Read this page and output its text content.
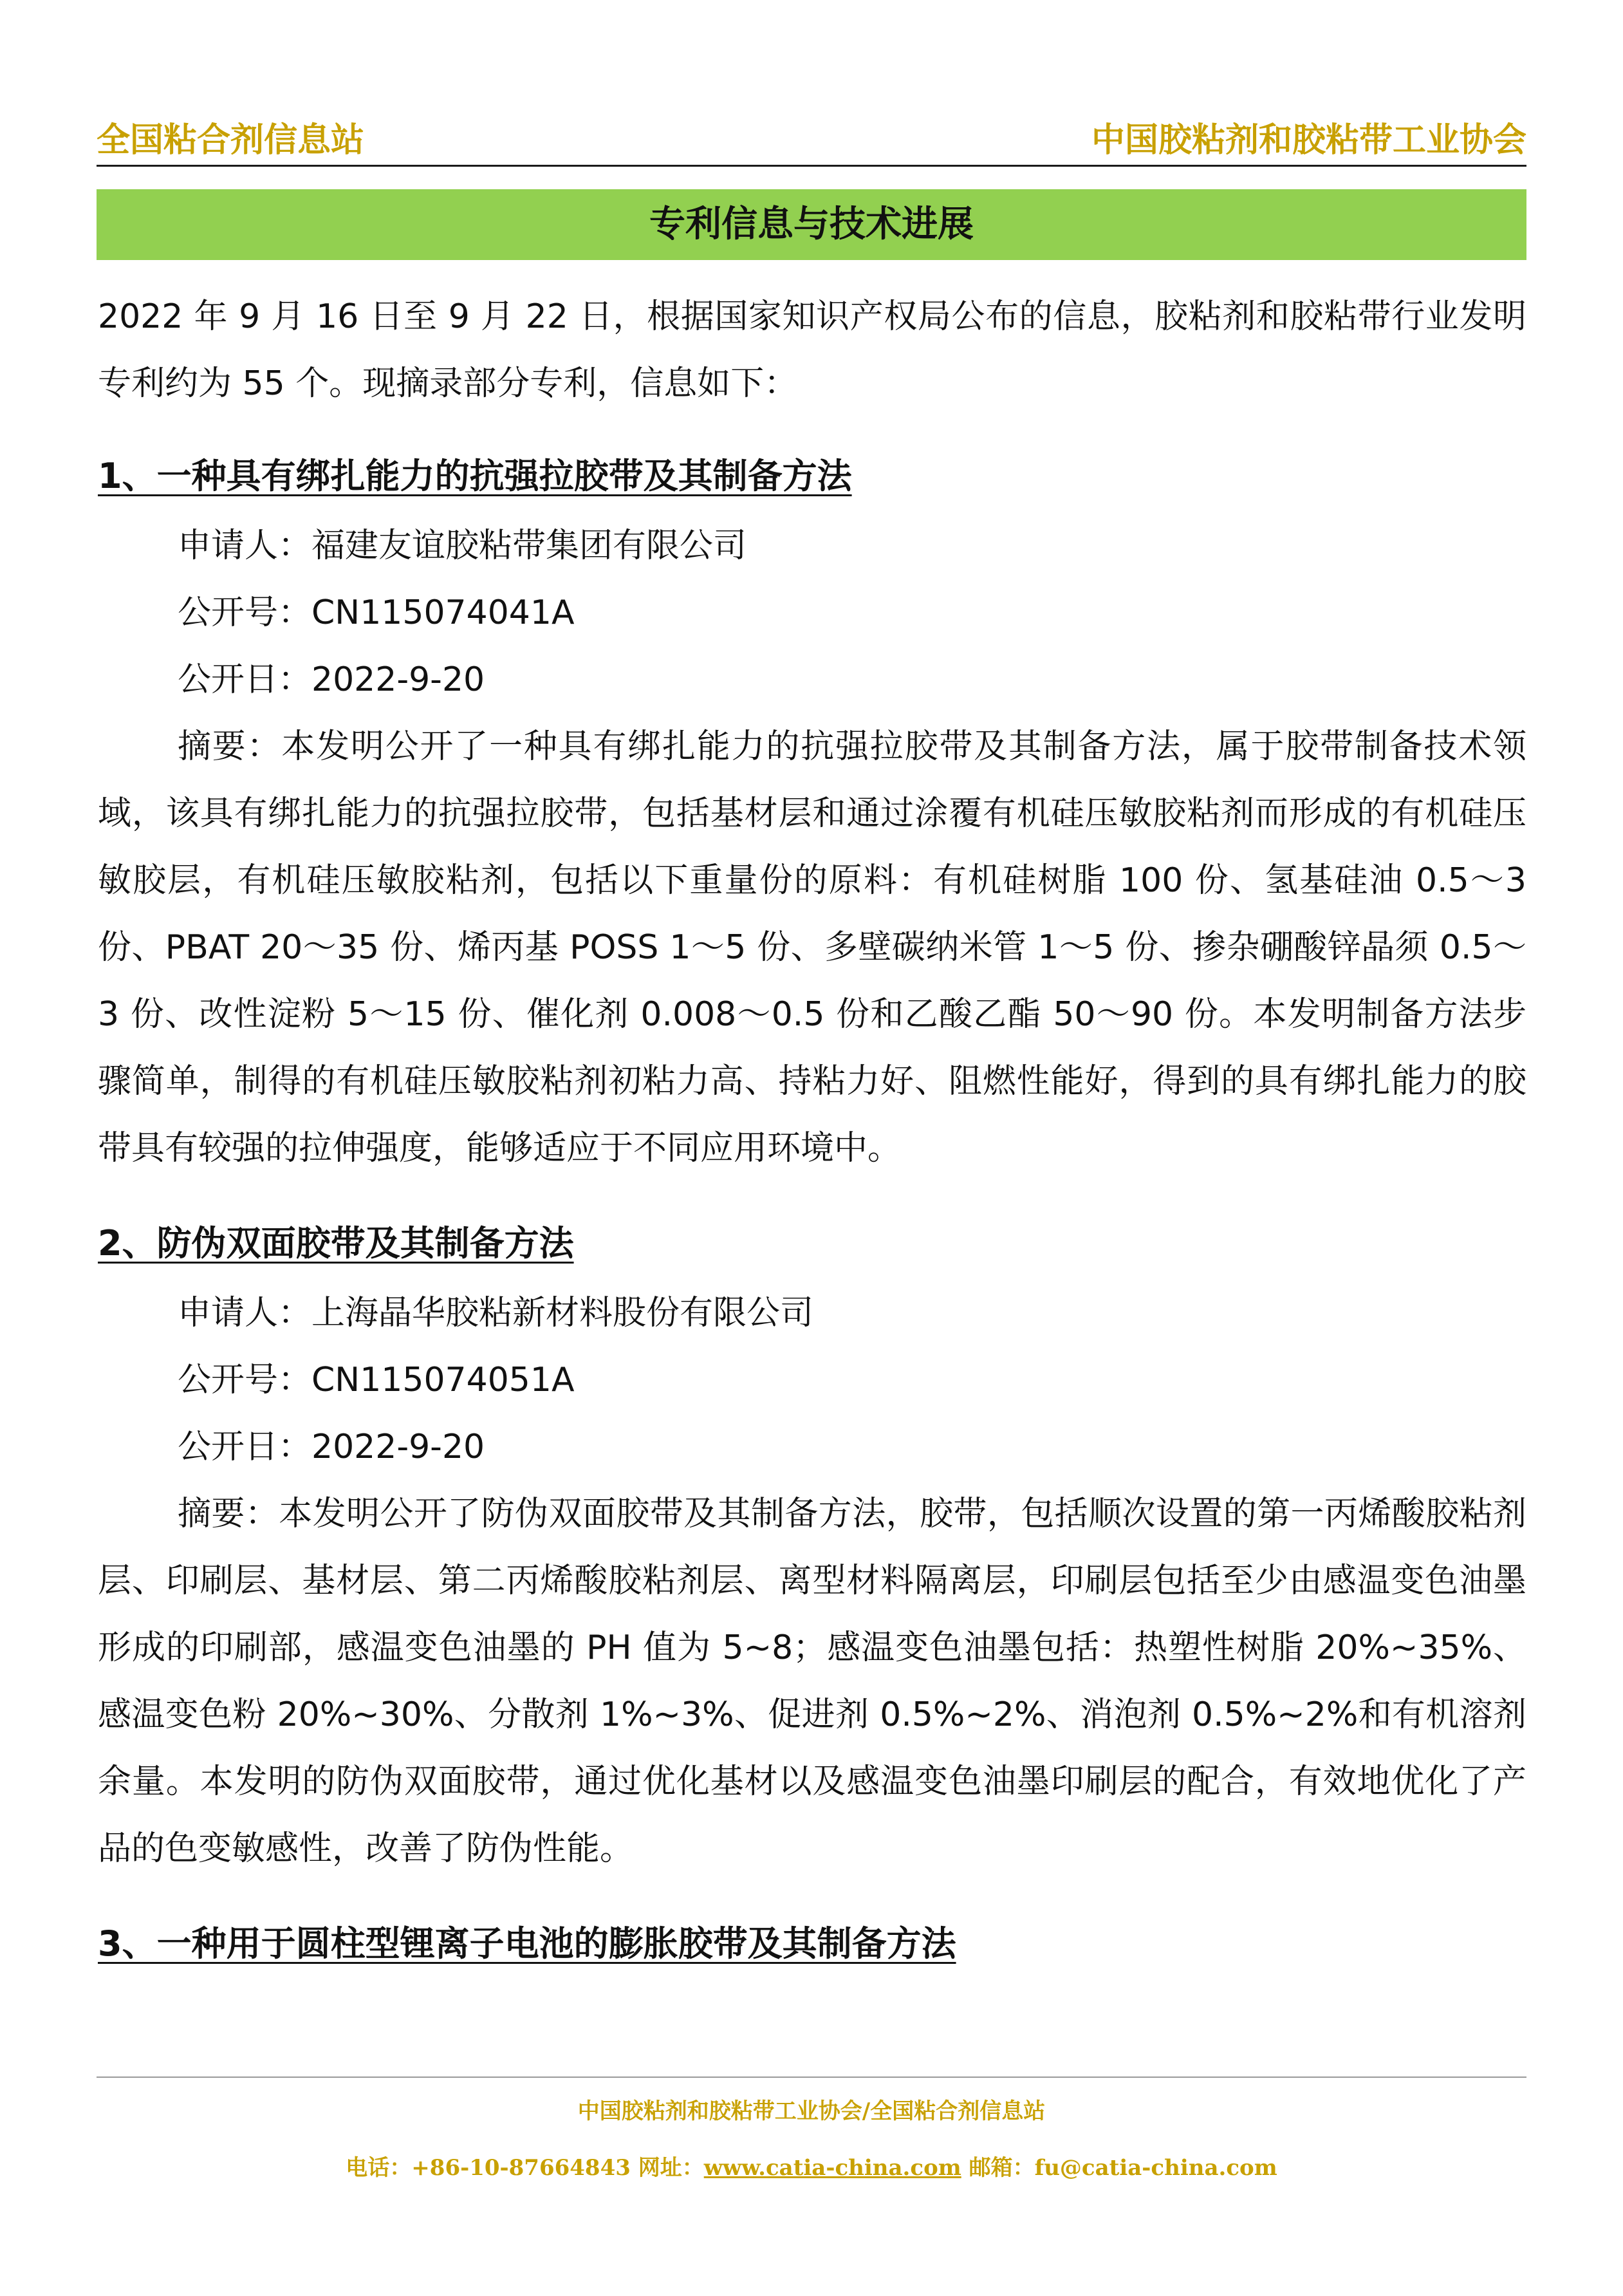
全国粘合剂信息站	中国胶粘剂和胶粘带工业协会
专利信息与技术进展

2022 年 9 月 16 日至 9 月 22 日，根据国家知识产权局公布的信息，胶粘剂和胶粘带行业发明专利约为 55 个。现摘录部分专利，信息如下：

1、一种具有绑扎能力的抗强拉胶带及其制备方法

申请人：福建友谊胶粘带集团有限公司

公开号：CN115074041A

公开日：2022-9-20

摘要：本发明公开了一种具有绑扎能力的抗强拉胶带及其制备方法，属于胶带制备技术领域，该具有绑扎能力的抗强拉胶带，包括基材层和通过涂覆有机硅压敏胶粘剂而形成的有机硅压敏胶层，有机硅压敏胶粘剂，包括以下重量份的原料：有机硅树脂 100 份、氢基硅油 0.5～3 份、PBAT 20～35 份、烯丙基 POSS 1～5 份、多壁碳纳米管 1～5 份、掺杂硼酸锌晶须 0.5～3 份、改性淀粉 5～15 份、催化剂 0.008～0.5 份和乙酸乙酯 50～90 份。本发明制备方法步骤简单，制得的有机硅压敏胶粘剂初粘力高、持粘力好、阻燃性能好，得到的具有绑扎能力的胶带具有较强的拉伸强度，能够适应于不同应用环境中。

2、防伪双面胶带及其制备方法

申请人：上海晶华胶粘新材料股份有限公司

公开号：CN115074051A

公开日：2022-9-20

摘要：本发明公开了防伪双面胶带及其制备方法，胶带，包括顺次设置的第一丙烯酸胶粘剂层、印刷层、基材层、第二丙烯酸胶粘剂层、离型材料隔离层，印刷层包括至少由感温变色油墨形成的印刷部，感温变色油墨的 PH 值为 5~8；感温变色油墨包括：热塑性树脂 20%~35%、感温变色粉 20%~30%、分散剂 1%~3%、促进剂 0.5%~2%、消泡剂 0.5%~2%和有机溶剂余量。本发明的防伪双面胶带，通过优化基材以及感温变色油墨印刷层的配合，有效地优化了产品的色变敏感性，改善了防伪性能。

3、一种用于圆柱型锂离子电池的膨胀胶带及其制备方法

中国胶粘剂和胶粘带工业协会/全国粘合剂信息站
电话：+86-10-87664843 网址：www.catia-china.com 邮箱：fu@catia-china.com
